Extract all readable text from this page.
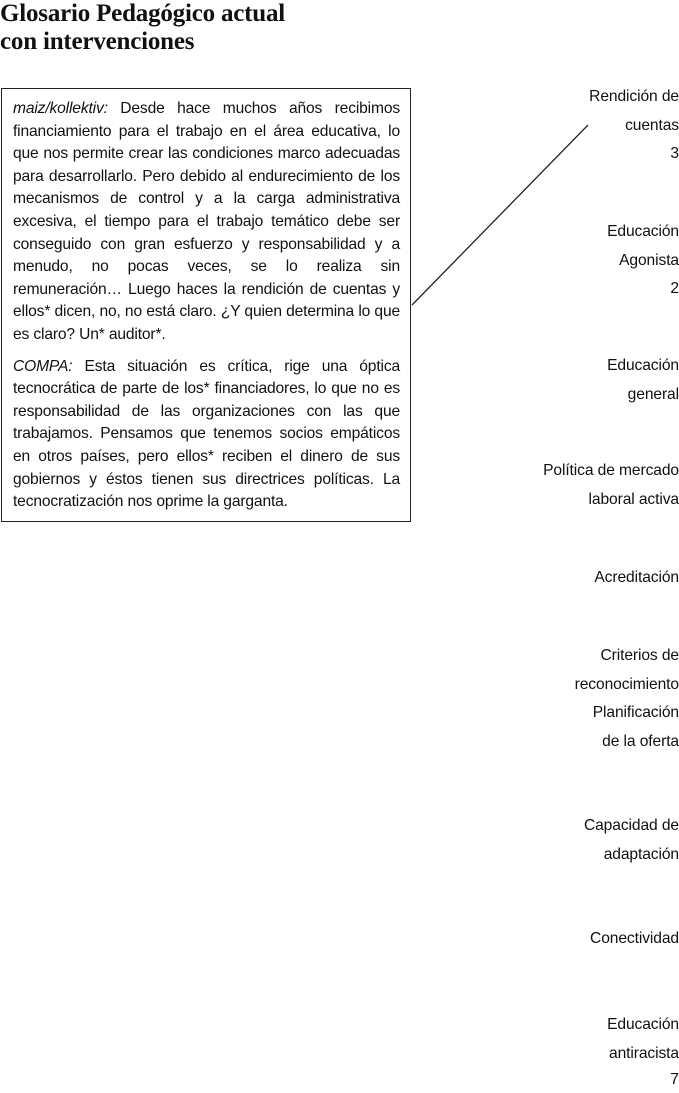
Glosario Pedagógico actual
con intervenciones

maiz/kollektiv: Desde hace muchos años recibimos financiamiento para el trabajo en el área educativa, lo que nos permite crear las condiciones marco adecuadas para desarrollarlo. Pero debido al endurecimiento de los mecanismos de control y a la carga administrativa excesiva, el tiempo para el trabajo temático debe ser conseguido con gran esfuerzo y responsabilidad y a menudo, no pocas veces, se lo realiza sin remuneración… Luego haces la rendición de cuentas y ellos* dicen, no, no está claro. ¿Y quien determina lo que es claro? Un* auditor*.

COMPA: Esta situación es crítica, rige una óptica tecnocrática de parte de los* financiadores, lo que no es responsabilidad de las organizaciones con las que trabajamos. Pensamos que tenemos socios empáticos en otros países, pero ellos* reciben el dinero de sus gobiernos y éstos tienen sus directrices políticas. La tecnocratización nos oprime la garganta.

Rendición de
cuentas
3
Educación
Agonista
2
Educación
general
Política de mercado
laboral activa
Acreditación
Criterios de
reconocimiento
Planificación
de la oferta
Capacidad de
adaptación
Conectividad
Educación
antiracista
7
